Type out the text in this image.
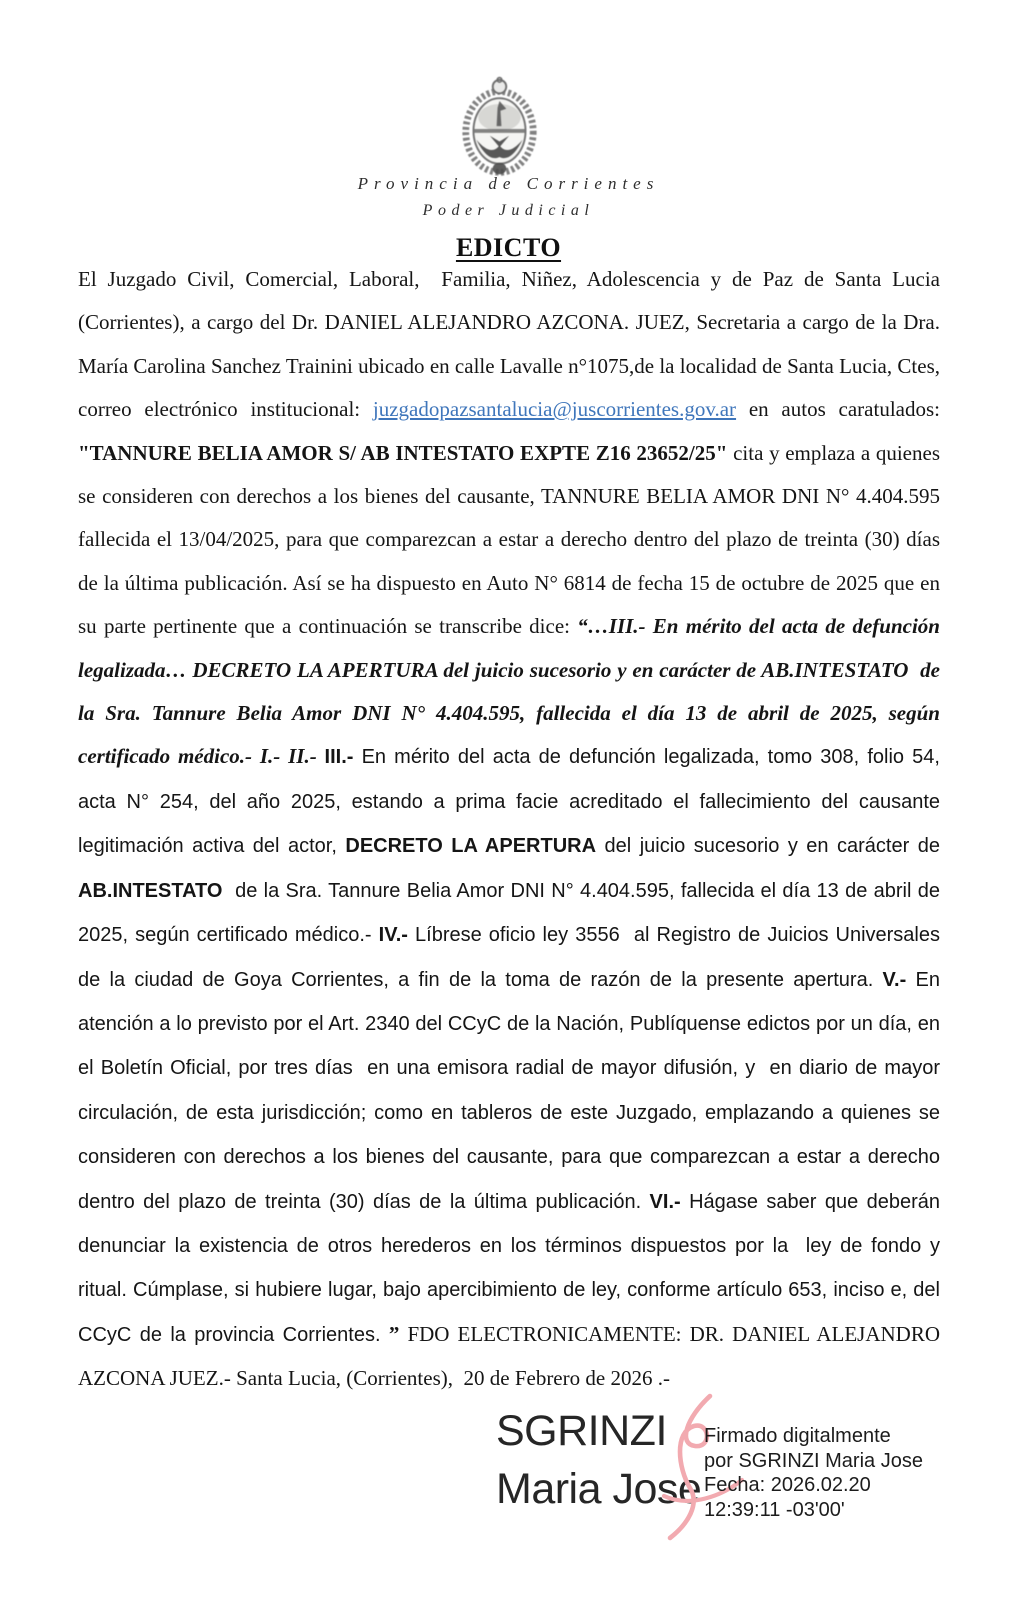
Provincia de Corrientes
Poder Judicial
EDICTO
El Juzgado Civil, Comercial, Laboral,  Familia, Niñez, Adolescencia y de Paz de Santa Lucia (Corrientes), a cargo del Dr. DANIEL ALEJANDRO AZCONA. JUEZ, Secretaria a cargo de la Dra. María Carolina Sanchez Trainini ubicado en calle Lavalle n°1075,de la localidad de Santa Lucia, Ctes, correo electrónico institucional: juzgadopazsantalucia@juscorrientes.gov.ar en autos caratulados: "TANNURE BELIA AMOR S/ AB INTESTATO EXPTE Z16 23652/25" cita y emplaza a quienes se consideren con derechos a los bienes del causante, TANNURE BELIA AMOR DNI N° 4.404.595 fallecida el 13/04/2025, para que comparezcan a estar a derecho dentro del plazo de treinta (30) días de la última publicación. Así se ha dispuesto en Auto N° 6814 de fecha 15 de octubre de 2025 que en su parte pertinente que a continuación se transcribe dice: “…III.- En mérito del acta de defunción legalizada… DECRETO LA APERTURA del juicio sucesorio y en carácter de AB.INTESTATO  de la Sra. Tannure Belia Amor DNI N° 4.404.595, fallecida el día 13 de abril de 2025, según certificado médico.- I.- II.- III.- En mérito del acta de defunción legalizada, tomo 308, folio 54, acta N° 254, del año 2025, estando a prima facie acreditado el fallecimiento del causante legitimación activa del actor, DECRETO LA APERTURA del juicio sucesorio y en carácter de AB.INTESTATO  de la Sra. Tannure Belia Amor DNI N° 4.404.595, fallecida el día 13 de abril de 2025, según certificado médico.- IV.- Líbrese oficio ley 3556  al Registro de Juicios Universales de la ciudad de Goya Corrientes, a fin de la toma de razón de la presente apertura. V.- En atención a lo previsto por el Art. 2340 del CCyC de la Nación, Publíquense edictos por un día, en el Boletín Oficial, por tres días  en una emisora radial de mayor difusión, y  en diario de mayor circulación, de esta jurisdicción; como en tableros de este Juzgado, emplazando a quienes se consideren con derechos a los bienes del causante, para que comparezcan a estar a derecho dentro del plazo de treinta (30) días de la última publicación. VI.- Hágase saber que deberán denunciar la existencia de otros herederos en los términos dispuestos por la  ley de fondo y ritual. Cúmplase, si hubiere lugar, bajo apercibimiento de ley, conforme artículo 653, inciso e, del CCyC de la provincia Corrientes. ” FDO ELECTRONICAMENTE: DR. DANIEL ALEJANDRO AZCONA JUEZ.- Santa Lucia, (Corrientes),  20 de Febrero de 2026 .-
SGRINZI
Maria Jose
Firmado digitalmente
por SGRINZI Maria Jose
Fecha: 2026.02.20
12:39:11 -03'00'
